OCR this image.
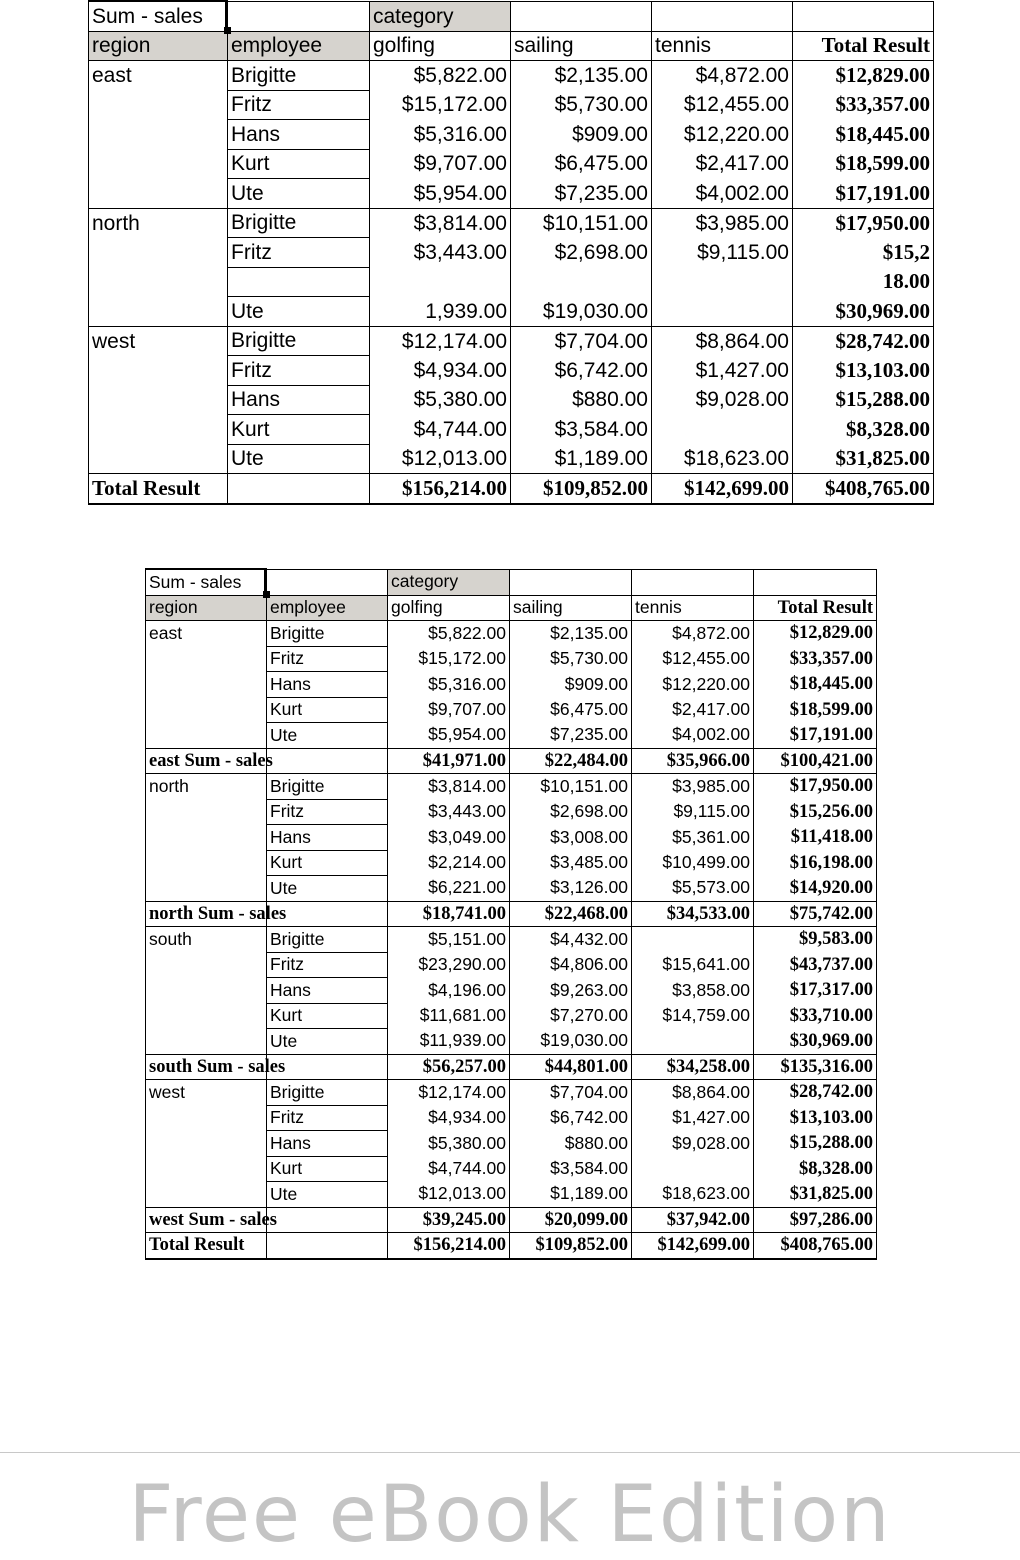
Sum - sales		category			
region	employee	golfing	sailing	tennis	Total Result
east	Brigitte	$5,822.00	$2,135.00	$4,872.00	$12,829.00
	Fritz	$15,172.00	$5,730.00	$12,455.00	$33,357.00
	Hans	$5,316.00	$909.00	$12,220.00	$18,445.00
	Kurt	$9,707.00	$6,475.00	$2,417.00	$18,599.00
	Ute	$5,954.00	$7,235.00	$4,002.00	$17,191.00
north	Brigitte	$3,814.00	$10,151.00	$3,985.00	$17,950.00
	Fritz	$3,443.00	$2,698.00	$9,115.00	$15,2
					18.00
	Ute	1,939.00	$19,030.00		$30,969.00
west	Brigitte	$12,174.00	$7,704.00	$8,864.00	$28,742.00
	Fritz	$4,934.00	$6,742.00	$1,427.00	$13,103.00
	Hans	$5,380.00	$880.00	$9,028.00	$15,288.00
	Kurt	$4,744.00	$3,584.00		$8,328.00
	Ute	$12,013.00	$1,189.00	$18,623.00	$31,825.00
Total Result		$156,214.00	$109,852.00	$142,699.00	$408,765.00
Sum - sales		category			
region	employee	golfing	sailing	tennis	Total Result
east	Brigitte	$5,822.00	$2,135.00	$4,872.00	$12,829.00
	Fritz	$15,172.00	$5,730.00	$12,455.00	$33,357.00
	Hans	$5,316.00	$909.00	$12,220.00	$18,445.00
	Kurt	$9,707.00	$6,475.00	$2,417.00	$18,599.00
	Ute	$5,954.00	$7,235.00	$4,002.00	$17,191.00
east Sum - sales		$41,971.00	$22,484.00	$35,966.00	$100,421.00
north	Brigitte	$3,814.00	$10,151.00	$3,985.00	$17,950.00
	Fritz	$3,443.00	$2,698.00	$9,115.00	$15,256.00
	Hans	$3,049.00	$3,008.00	$5,361.00	$11,418.00
	Kurt	$2,214.00	$3,485.00	$10,499.00	$16,198.00
	Ute	$6,221.00	$3,126.00	$5,573.00	$14,920.00
north Sum - sales		$18,741.00	$22,468.00	$34,533.00	$75,742.00
south	Brigitte	$5,151.00	$4,432.00		$9,583.00
	Fritz	$23,290.00	$4,806.00	$15,641.00	$43,737.00
	Hans	$4,196.00	$9,263.00	$3,858.00	$17,317.00
	Kurt	$11,681.00	$7,270.00	$14,759.00	$33,710.00
	Ute	$11,939.00	$19,030.00		$30,969.00
south Sum - sales		$56,257.00	$44,801.00	$34,258.00	$135,316.00
west	Brigitte	$12,174.00	$7,704.00	$8,864.00	$28,742.00
	Fritz	$4,934.00	$6,742.00	$1,427.00	$13,103.00
	Hans	$5,380.00	$880.00	$9,028.00	$15,288.00
	Kurt	$4,744.00	$3,584.00		$8,328.00
	Ute	$12,013.00	$1,189.00	$18,623.00	$31,825.00
west Sum - sales		$39,245.00	$20,099.00	$37,942.00	$97,286.00
Total Result		$156,214.00	$109,852.00	$142,699.00	$408,765.00
Free eBook Edition
